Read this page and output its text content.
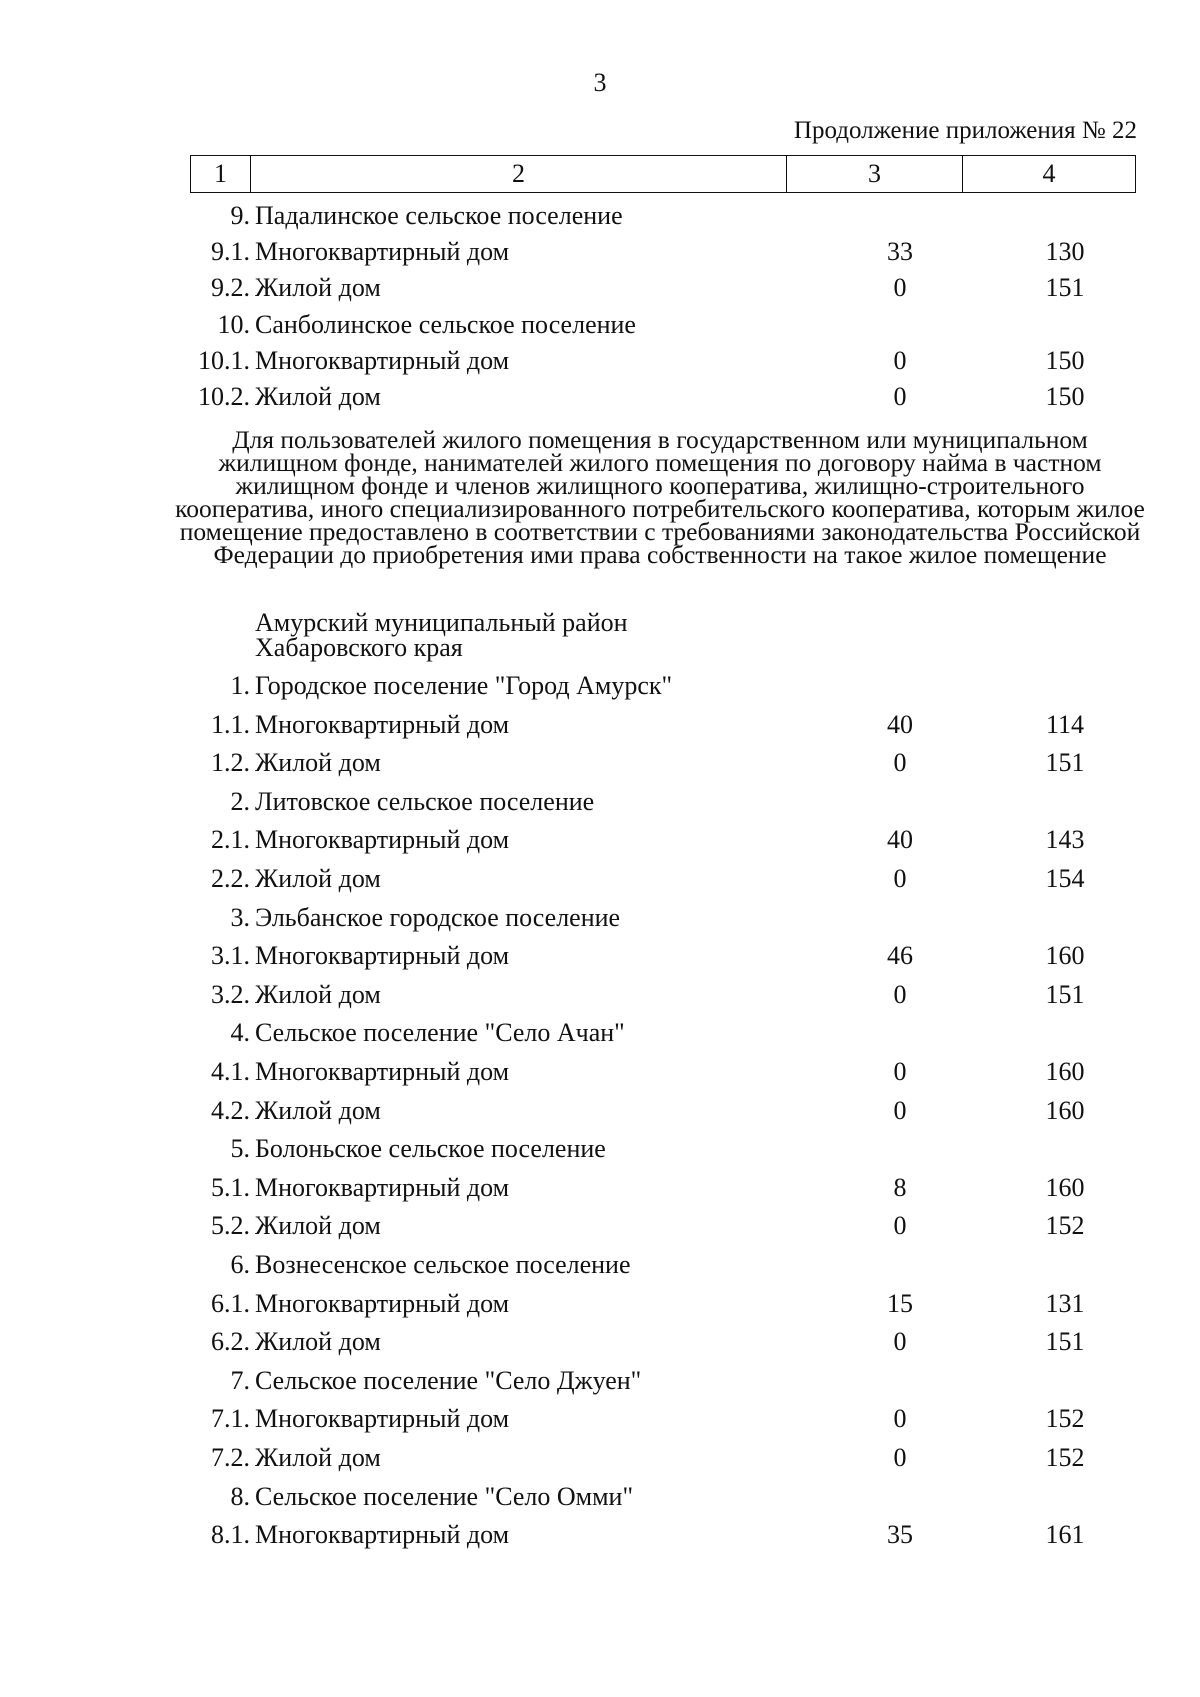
3
Продолжение приложения № 22
1	2	3	4
9. Падалинское сельское поселение
9.1. Многоквартирный дом	33	130
9.2. Жилой дом	0	151
10. Санболинское сельское поселение
10.1. Многоквартирный дом	0	150
10.2. Жилой дом	0	150
Для пользователей жилого помещения в государственном или муниципальном жилищном фонде, нанимателей жилого помещения по договору найма в частном жилищном фонде и членов жилищного кооператива, жилищно-строительного кооператива, иного специализированного потребительского кооператива, которым жилое помещение предоставлено в соответствии с требованиями законодательства Российской Федерации до приобретения ими права собственности на такое жилое помещение
Амурский муниципальный район
Хабаровского края
1. Городское поселение "Город Амурск"
1.1. Многоквартирный дом	40	114
1.2. Жилой дом	0	151
2. Литовское сельское поселение
2.1. Многоквартирный дом	40	143
2.2. Жилой дом	0	154
3. Эльбанское городское поселение
3.1. Многоквартирный дом	46	160
3.2. Жилой дом	0	151
4. Сельское поселение "Село Ачан"
4.1. Многоквартирный дом	0	160
4.2. Жилой дом	0	160
5. Болоньское сельское поселение
5.1. Многоквартирный дом	8	160
5.2. Жилой дом	0	152
6. Вознесенское сельское поселение
6.1. Многоквартирный дом	15	131
6.2. Жилой дом	0	151
7. Сельское поселение "Село Джуен"
7.1. Многоквартирный дом	0	152
7.2. Жилой дом	0	152
8. Сельское поселение "Село Омми"
8.1. Многоквартирный дом	35	161
